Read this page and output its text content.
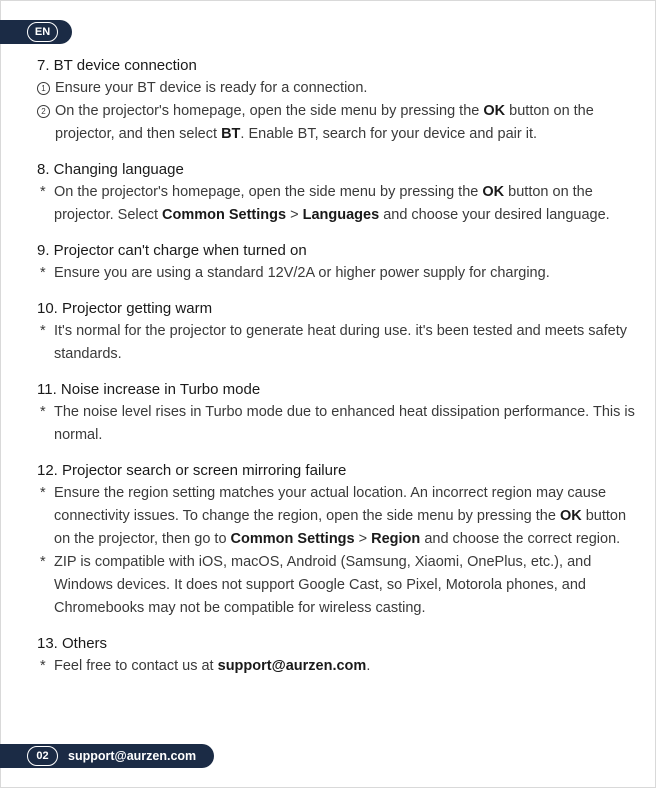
EN

7. BT device connection

1 Ensure your BT device is ready for a connection.
2 On the projector's homepage, open the side menu by pressing the OK button on the projector, and then select BT. Enable BT, search for your device and pair it.

8. Changing language

* On the projector's homepage, open the side menu by pressing the OK button on the projector. Select Common Settings > Languages and choose your desired language.

9. Projector can't charge when turned on

* Ensure you are using a standard 12V/2A or higher power supply for charging.

10. Projector getting warm

* It's normal for the projector to generate heat during use. it's been tested and meets safety standards.

11. Noise increase in Turbo mode

* The noise level rises in Turbo mode due to enhanced heat dissipation performance. This is normal.

12. Projector search or screen mirroring failure

* Ensure the region setting matches your actual location. An incorrect region may cause connectivity issues. To change the region, open the side menu by pressing the OK button on the projector, then go to Common Settings > Region and choose the correct region.
* ZIP is compatible with iOS, macOS, Android (Samsung, Xiaomi, OnePlus, etc.), and Windows devices. It does not support Google Cast, so Pixel, Motorola phones, and Chromebooks may not be compatible for wireless casting.

13. Others

* Feel free to contact us at support@aurzen.com.
02	support@aurzen.com
